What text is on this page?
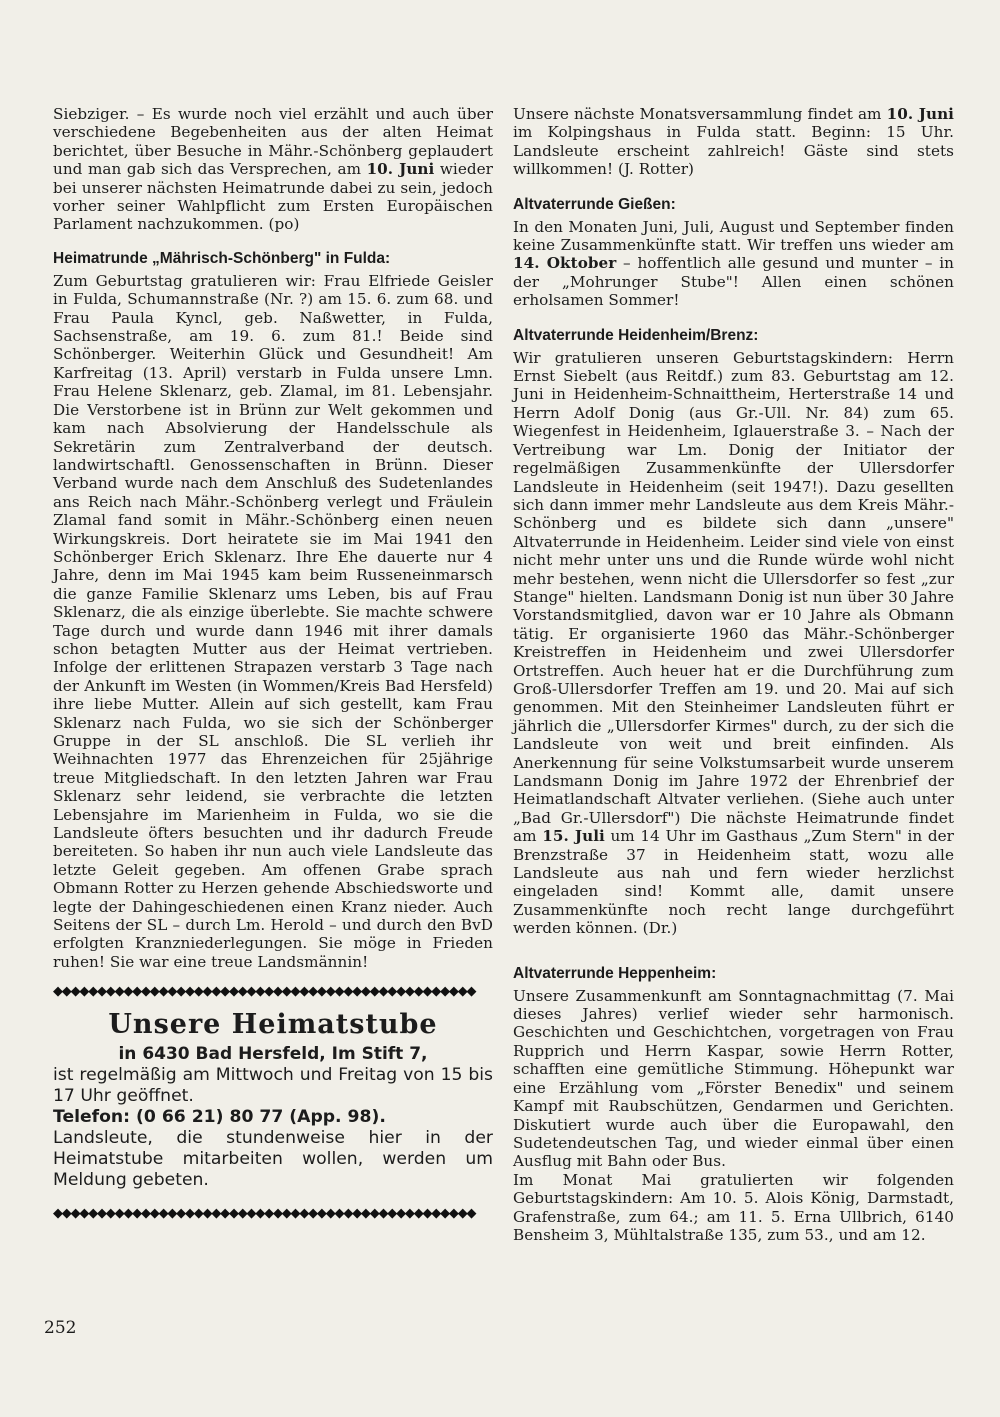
Siebziger. – Es wurde noch viel erzählt und auch über verschiedene Begebenheiten aus der alten Heimat berichtet, über Besuche in Mähr.-Schönberg geplaudert und man gab sich das Versprechen, am 10. Juni wieder bei unserer nächsten Heimatrunde dabei zu sein, jedoch vorher seiner Wahlpflicht zum Ersten Europäischen Parlament nachzukommen. (po)

Heimatrunde „Mährisch-Schönberg" in Fulda:

Zum Geburtstag gratulieren wir: Frau Elfriede Geisler in Fulda, Schumannstraße (Nr. ?) am 15. 6. zum 68. und Frau Paula Kyncl, geb. Naßwetter, in Fulda, Sachsenstraße, am 19. 6. zum 81.! Beide sind Schönberger. Weiterhin Glück und Gesundheit! Am Karfreitag (13. April) verstarb in Fulda unsere Lmn. Frau Helene Sklenarz, geb. Zlamal, im 81. Lebensjahr. Die Verstorbene ist in Brünn zur Welt gekommen und kam nach Absolvierung der Handelsschule als Sekretärin zum Zentralverband der deutsch. landwirtschaftl. Genossenschaften in Brünn. Dieser Verband wurde nach dem Anschluß des Sudetenlandes ans Reich nach Mähr.-Schönberg verlegt und Fräulein Zlamal fand somit in Mähr.-Schönberg einen neuen Wirkungskreis. Dort heiratete sie im Mai 1941 den Schönberger Erich Sklenarz. Ihre Ehe dauerte nur 4 Jahre, denn im Mai 1945 kam beim Russeneinmarsch die ganze Familie Sklenarz ums Leben, bis auf Frau Sklenarz, die als einzige überlebte. Sie machte schwere Tage durch und wurde dann 1946 mit ihrer damals schon betagten Mutter aus der Heimat vertrieben. Infolge der erlittenen Strapazen verstarb 3 Tage nach der Ankunft im Westen (in Wommen/Kreis Bad Hersfeld) ihre liebe Mutter. Allein auf sich gestellt, kam Frau Sklenarz nach Fulda, wo sie sich der Schönberger Gruppe in der SL anschloß. Die SL verlieh ihr Weihnachten 1977 das Ehrenzeichen für 25jährige treue Mitgliedschaft. In den letzten Jahren war Frau Sklenarz sehr leidend, sie verbrachte die letzten Lebensjahre im Marienheim in Fulda, wo sie die Landsleute öfters besuchten und ihr dadurch Freude bereiteten. So haben ihr nun auch viele Landsleute das letzte Geleit gegeben. Am offenen Grabe sprach Obmann Rotter zu Herzen gehende Abschiedsworte und legte der Dahingeschiedenen einen Kranz nieder. Auch Seitens der SL – durch Lm. Herold – und durch den BvD erfolgten Kranzniederlegungen. Sie möge in Frieden ruhen! Sie war eine treue Landsmännin!

◆◆◆◆◆◆◆◆◆◆◆◆◆◆◆◆◆◆◆◆◆◆◆◆◆◆◆◆◆◆◆◆◆◆◆◆◆◆◆◆◆◆◆◆◆◆◆◆
Unsere Heimatstube
in 6430 Bad Hersfeld, Im Stift 7,
ist regelmäßig am Mittwoch und Freitag von 15 bis 17 Uhr geöffnet.
Telefon: (0 66 21) 80 77 (App. 98).
Landsleute, die stundenweise hier in der Heimatstube mitarbeiten wollen, werden um Meldung gebeten.
◆◆◆◆◆◆◆◆◆◆◆◆◆◆◆◆◆◆◆◆◆◆◆◆◆◆◆◆◆◆◆◆◆◆◆◆◆◆◆◆◆◆◆◆◆◆◆◆

Unsere nächste Monatsversammlung findet am 10. Juni im Kolpingshaus in Fulda statt. Beginn: 15 Uhr. Landsleute erscheint zahlreich! Gäste sind stets willkommen! (J. Rotter)

Altvaterrunde Gießen:

In den Monaten Juni, Juli, August und September finden keine Zusammenkünfte statt. Wir treffen uns wieder am 14. Oktober – hoffentlich alle gesund und munter – in der „Mohrunger Stube"! Allen einen schönen erholsamen Sommer!

Altvaterrunde Heidenheim/Brenz:

Wir gratulieren unseren Geburtstagskindern: Herrn Ernst Siebelt (aus Reitdf.) zum 83. Geburtstag am 12. Juni in Heidenheim-Schnaittheim, Herterstraße 14 und Herrn Adolf Donig (aus Gr.-Ull. Nr. 84) zum 65. Wiegenfest in Heidenheim, Iglauerstraße 3. – Nach der Vertreibung war Lm. Donig der Initiator der regelmäßigen Zusammenkünfte der Ullersdorfer Landsleute in Heidenheim (seit 1947!). Dazu gesellten sich dann immer mehr Landsleute aus dem Kreis Mähr.-Schönberg und es bildete sich dann „unsere" Altvaterrunde in Heidenheim. Leider sind viele von einst nicht mehr unter uns und die Runde würde wohl nicht mehr bestehen, wenn nicht die Ullersdorfer so fest „zur Stange" hielten. Landsmann Donig ist nun über 30 Jahre Vorstandsmitglied, davon war er 10 Jahre als Obmann tätig. Er organisierte 1960 das Mähr.-Schönberger Kreistreffen in Heidenheim und zwei Ullersdorfer Ortstreffen. Auch heuer hat er die Durchführung zum Groß-Ullersdorfer Treffen am 19. und 20. Mai auf sich genommen. Mit den Steinheimer Landsleuten führt er jährlich die „Ullersdorfer Kirmes" durch, zu der sich die Landsleute von weit und breit einfinden. Als Anerkennung für seine Volkstumsarbeit wurde unserem Landsmann Donig im Jahre 1972 der Ehrenbrief der Heimatlandschaft Altvater verliehen. (Siehe auch unter „Bad Gr.-Ullersdorf") Die nächste Heimatrunde findet am 15. Juli um 14 Uhr im Gasthaus „Zum Stern" in der Brenzstraße 37 in Heidenheim statt, wozu alle Landsleute aus nah und fern wieder herzlichst eingeladen sind! Kommt alle, damit unsere Zusammenkünfte noch recht lange durchgeführt werden können. (Dr.)

Altvaterrunde Heppenheim:

Unsere Zusammenkunft am Sonntagnachmittag (7. Mai dieses Jahres) verlief wieder sehr harmonisch. Geschichten und Geschichtchen, vorgetragen von Frau Rupprich und Herrn Kaspar, sowie Herrn Rotter, schafften eine gemütliche Stimmung. Höhepunkt war eine Erzählung vom „Förster Benedix" und seinem Kampf mit Raubschützen, Gendarmen und Gerichten. Diskutiert wurde auch über die Europawahl, den Sudetendeutschen Tag, und wieder einmal über einen Ausflug mit Bahn oder Bus.

Im Monat Mai gratulierten wir folgenden Geburtstagskindern: Am 10. 5. Alois König, Darmstadt, Grafenstraße, zum 64.; am 11. 5. Erna Ullbrich, 6140 Bensheim 3, Mühltalstraße 135, zum 53., und am 12.

252
